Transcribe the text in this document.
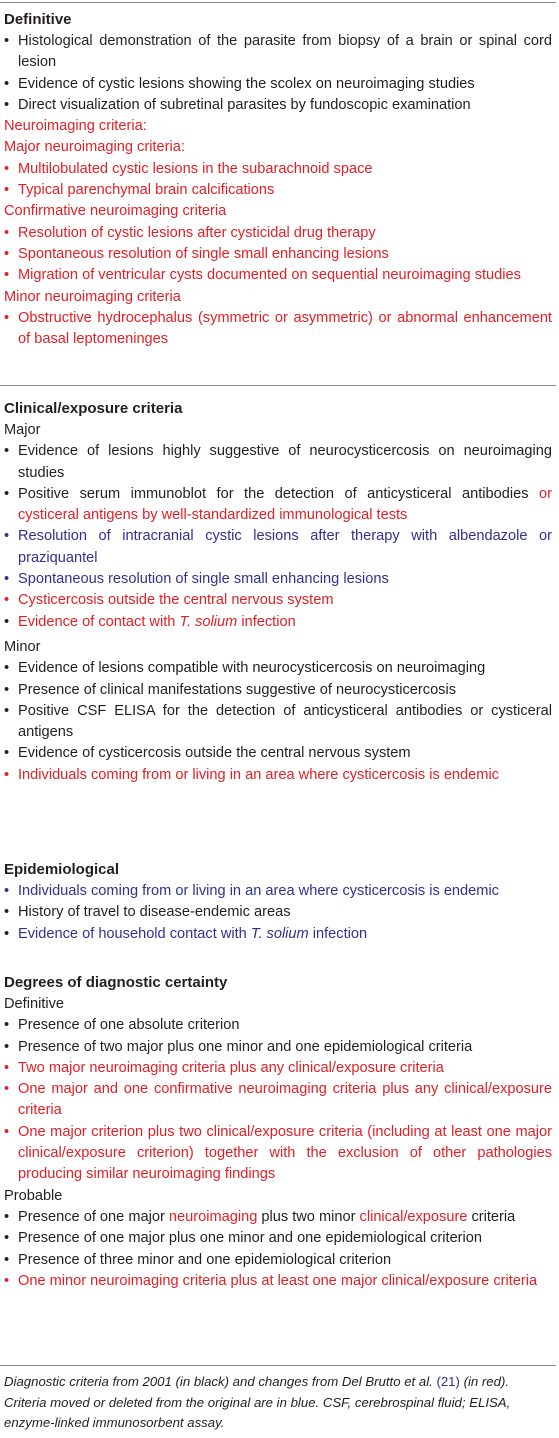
Definitive
• Histological demonstration of the parasite from biopsy of a brain or spinal cord lesion
• Evidence of cystic lesions showing the scolex on neuroimaging studies
• Direct visualization of subretinal parasites by fundoscopic examination

Neuroimaging criteria:

Major neuroimaging criteria:

• Multilobulated cystic lesions in the subarachnoid space
• Typical parenchymal brain calcifications

Confirmative neuroimaging criteria

• Resolution of cystic lesions after cysticidal drug therapy
• Spontaneous resolution of single small enhancing lesions
• Migration of ventricular cysts documented on sequential neuroimaging studies

Minor neuroimaging criteria

• Obstructive hydrocephalus (symmetric or asymmetric) or abnormal enhancement of basal leptomeninges
Clinical/exposure criteria

Major

• Evidence of lesions highly suggestive of neurocysticercosis on neuroimaging studies
• Positive serum immunoblot for the detection of anticysticeral antibodies or cysticeral antigens by well-standardized immunological tests
• Resolution of intracranial cystic lesions after therapy with albendazole or praziquantel
• Spontaneous resolution of single small enhancing lesions
• Cysticercosis outside the central nervous system
• Evidence of contact with T. solium infection

Minor

• Evidence of lesions compatible with neurocysticercosis on neuroimaging
• Presence of clinical manifestations suggestive of neurocysticercosis
• Positive CSF ELISA for the detection of anticysticeral antibodies or cysticeral antigens
• Evidence of cysticercosis outside the central nervous system
• Individuals coming from or living in an area where cysticercosis is endemic
Epidemiological
• Individuals coming from or living in an area where cysticercosis is endemic
• History of travel to disease-endemic areas
• Evidence of household contact with T. solium infection
Degrees of diagnostic certainty

Definitive

• Presence of one absolute criterion
• Presence of two major plus one minor and one epidemiological criteria
• Two major neuroimaging criteria plus any clinical/exposure criteria
• One major and one confirmative neuroimaging criteria plus any clinical/exposure criteria
• One major criterion plus two clinical/exposure criteria (including at least one major clinical/exposure criterion) together with the exclusion of other pathologies producing similar neuroimaging findings

Probable

• Presence of one major neuroimaging plus two minor clinical/exposure criteria
• Presence of one major plus one minor and one epidemiological criterion
• Presence of three minor and one epidemiological criterion
• One minor neuroimaging criteria plus at least one major clinical/exposure criteria
Diagnostic criteria from 2001 (in black) and changes from Del Brutto et al. (21) (in red). Criteria moved or deleted from the original are in blue. CSF, cerebrospinal fluid; ELISA, enzyme-linked immunosorbent assay.
